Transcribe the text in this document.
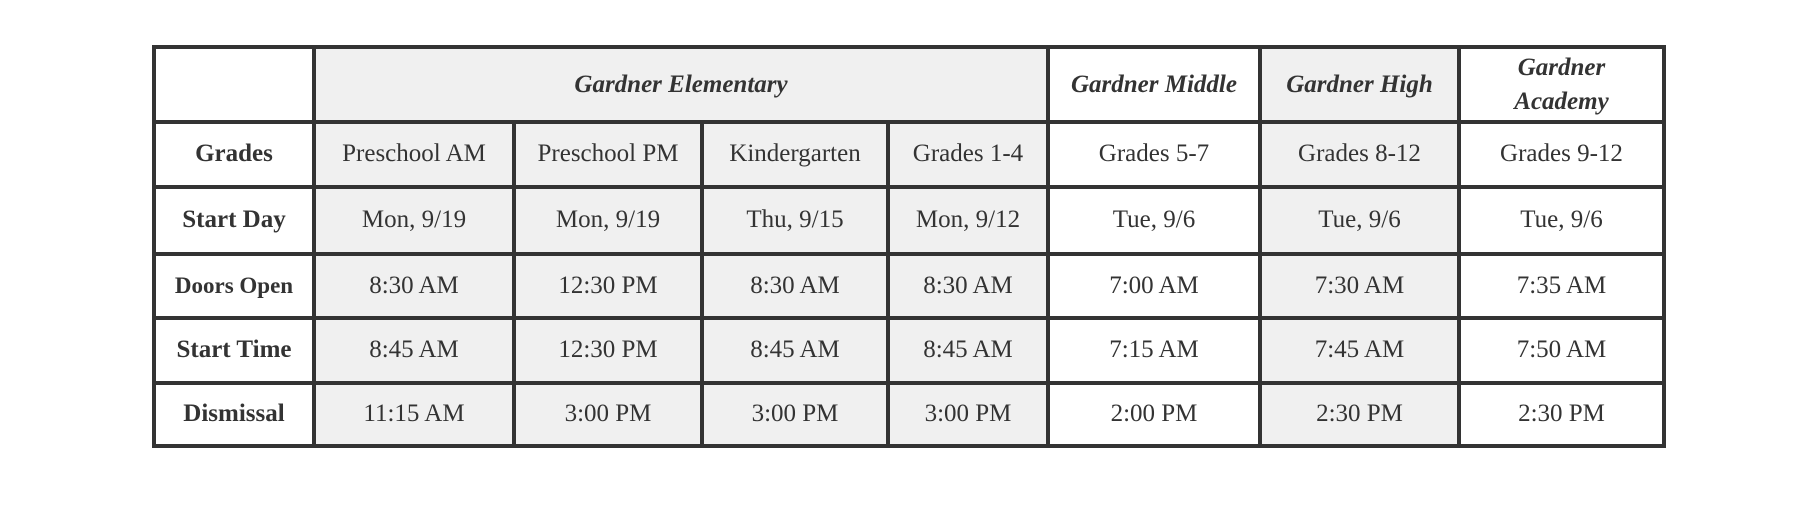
	Gardner Elementary				Gardner Middle	Gardner High	Gardner Academy
Grades	Preschool AM	Preschool PM	Kindergarten	Grades 1-4	Grades 5-7	Grades 8-12	Grades 9-12
Start Day	Mon, 9/19	Mon, 9/19	Thu, 9/15	Mon, 9/12	Tue, 9/6	Tue, 9/6	Tue, 9/6
Doors Open	8:30 AM	12:30 PM	8:30 AM	8:30 AM	7:00 AM	7:30 AM	7:35 AM
Start Time	8:45 AM	12:30 PM	8:45 AM	8:45 AM	7:15 AM	7:45 AM	7:50 AM
Dismissal	11:15 AM	3:00 PM	3:00 PM	3:00 PM	2:00 PM	2:30 PM	2:30 PM
